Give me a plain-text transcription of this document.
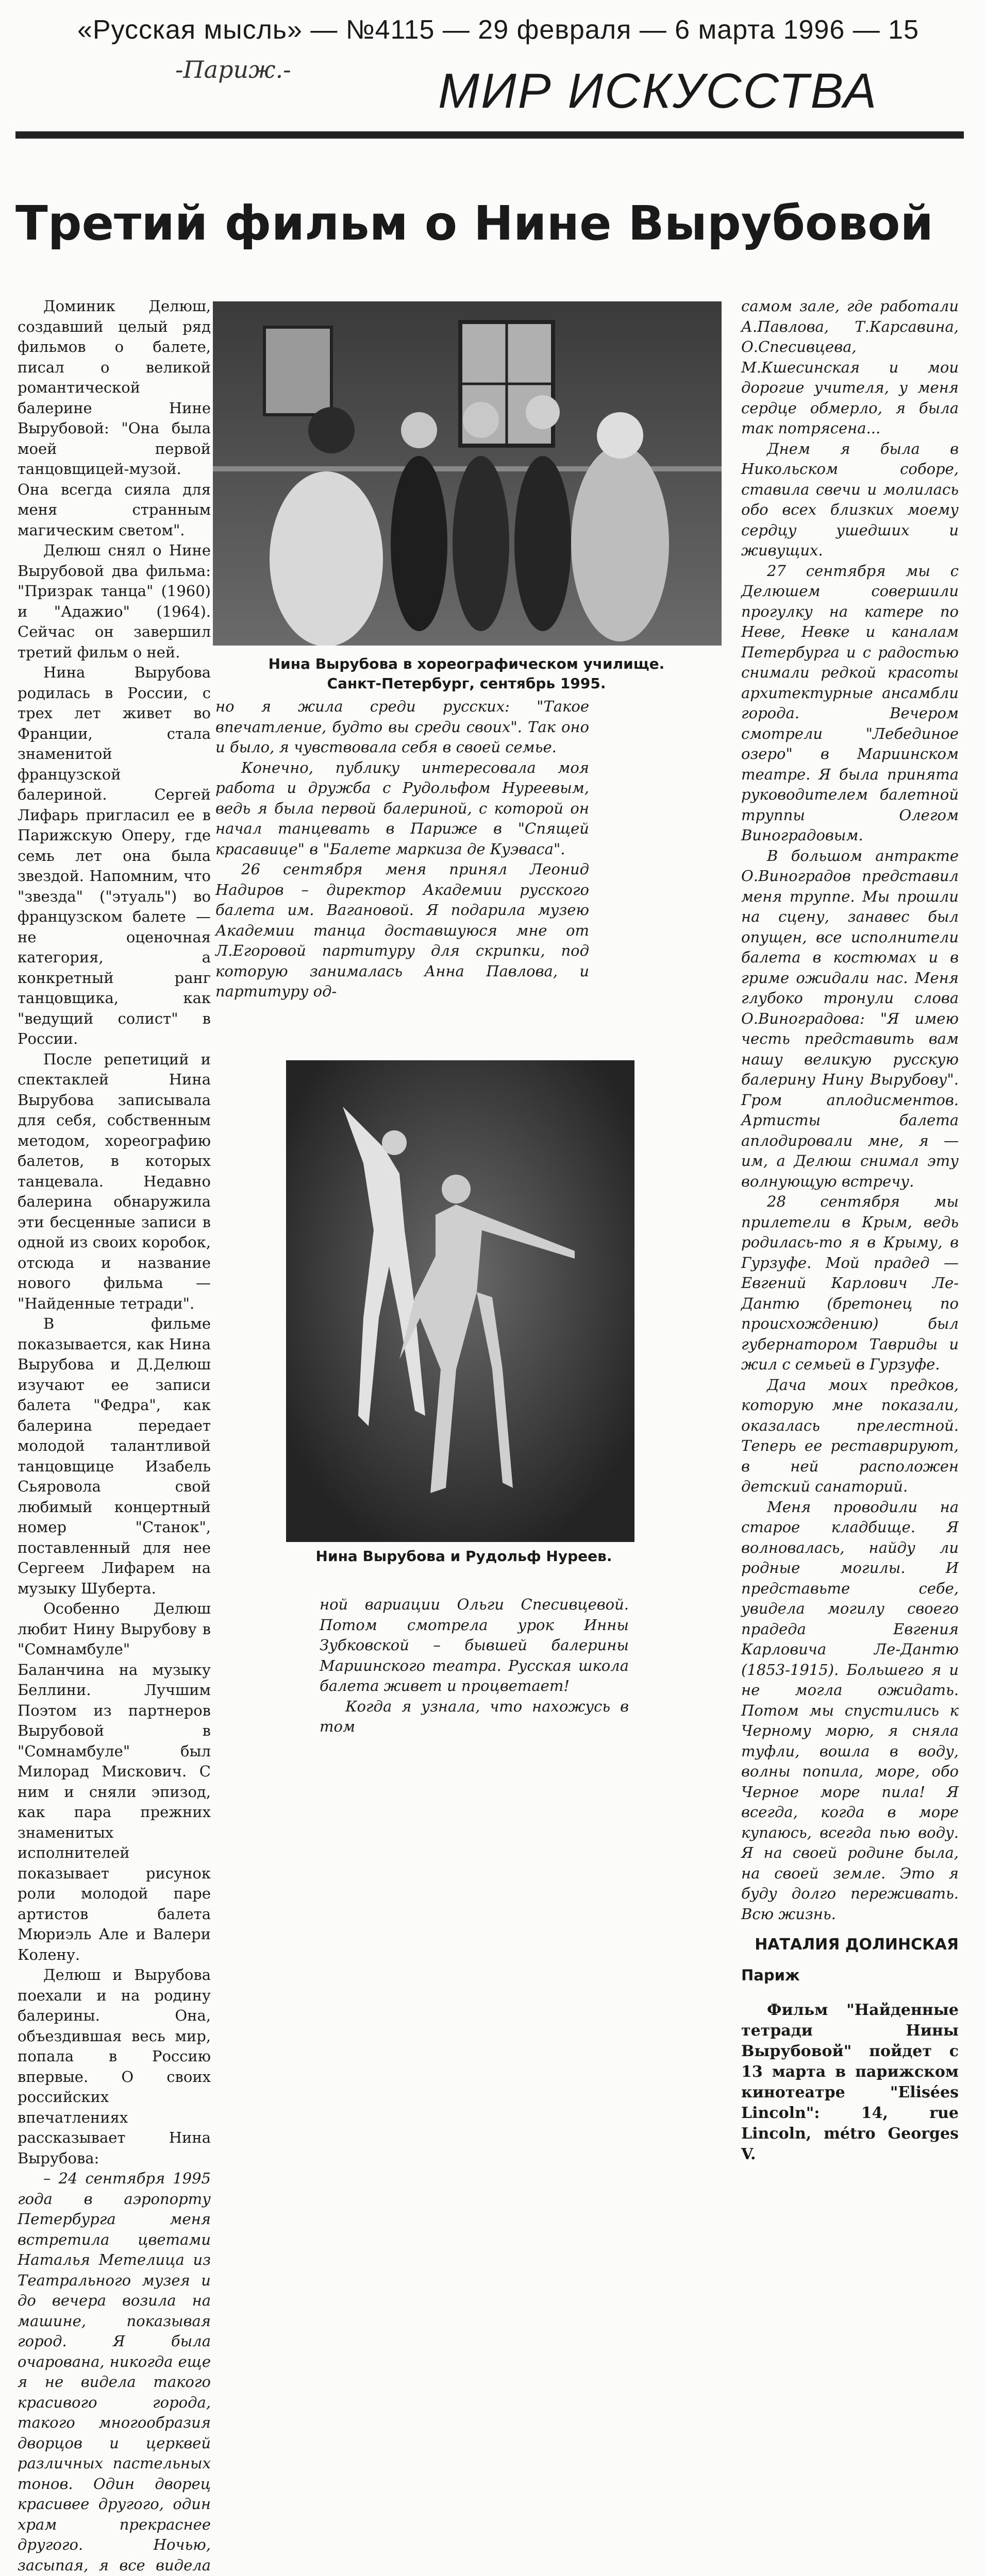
«Русская мысль» — №4115 — 29 февраля — 6 марта 1996 — 15
-Париж.-	МИР ИСКУССТВА
Третий фильм о Нине Вырубовой

Доминик Делюш, создавший целый ряд фильмов о балете, писал о великой романтической балерине Нине Вырубовой: "Она была моей первой танцовщицей-музой. Она всегда сияла для меня странным магическим светом".

Делюш снял о Нине Вырубовой два фильма: "Призрак танца" (1960) и "Адажио" (1964). Сейчас он завершил третий фильм о ней.

Нина Вырубова родилась в России, с трех лет живет во Франции, стала знаменитой французской балериной. Сергей Лифарь пригласил ее в Парижскую Оперу, где семь лет она была звездой. Напомним, что "звезда" ("этуаль") во французском балете — не оценочная категория, а конкретный ранг танцовщика, как "ведущий солист" в России.

После репетиций и спектаклей Нина Вырубова записывала для себя, собственным методом, хореографию балетов, в которых танцевала. Недавно балерина обнаружила эти бесценные записи в одной из своих коробок, отсюда и название нового фильма — "Найденные тетради".

В фильме показывается, как Нина Вырубова и Д.Делюш изучают ее записи балета "Федра", как балерина передает молодой талантливой танцовщице Изабель Сьяровола свой любимый концертный номер "Станок", поставленный для нее Сергеем Лифарем на музыку Шуберта.

Особенно Делюш любит Нину Вырубову в "Сомнамбуле" Баланчина на музыку Беллини. Лучшим Поэтом из партнеров Вырубовой в "Сомнамбуле" был Милорад Мискович. С ним и сняли эпизод, как пара прежних знаменитых исполнителей показывает рисунок роли молодой паре артистов балета Мюриэль Але и Валери Колену.

Делюш и Вырубова поехали и на родину балерины. Она, объездившая весь мир, попала в Россию впервые. О своих российских впечатлениях рассказывает Нина Вырубова:

– 24 сентября 1995 года в аэропорту Петербурга меня встретила цветами Наталья Метелица из Театрального музея и до вечера возила на машине, показывая город. Я была очарована, никогда еще я не видела такого красивого города, такого многообразия дворцов и церквей различных пастельных тонов. Один дворец красивее другого, один храм прекраснее другого. Ночью, засыпая, я все видела

Нина Вырубова в хореографическом училище. Санкт-Петербург, сентябрь 1995.

но я жила среди русских: "Такое впечатление, будто вы среди своих". Так оно и было, я чувствовала себя в своей семье.

Конечно, публику интересовала моя работа и дружба с Рудольфом Нуреевым, ведь я была первой балериной, с которой он начал танцевать в Париже в "Спящей красавице" в "Балете маркиза де Куэваса".

26 сентября меня принял Леонид Надиров – директор Академии русского балета им. Вагановой. Я подарила музею Академии танца доставшуюся мне от Л.Егоровой партитуру для скрипки, под которую занималась Анна Павлова, и партитуру од-

Нина Вырубова и Рудольф Нуреев.

ной вариации Ольги Спесивцевой. Потом смотрела урок Инны Зубковской – бывшей балерины Мариинского театра. Русская школа балета живет и процветает!

Когда я узнала, что нахожусь в том

самом зале, где работали А.Павлова, Т.Карсавина, О.Спесивцева, М.Кшесинская и мои дорогие учителя, у меня сердце обмерло, я была так потрясена...

Днем я была в Никольском соборе, ставила свечи и молилась обо всех близких моему сердцу ушедших и живущих.

27 сентября мы с Делюшем совершили прогулку на катере по Неве, Невке и каналам Петербурга и с радостью снимали редкой красоты архитектурные ансамбли города. Вечером смотрели "Лебединое озеро" в Мариинском театре. Я была принята руководителем балетной труппы Олегом Виноградовым.

В большом антракте О.Виноградов представил меня труппе. Мы прошли на сцену, занавес был опущен, все исполнители балета в костюмах и в гриме ожидали нас. Меня глубоко тронули слова О.Виноградова: "Я имею честь представить вам нашу великую русскую балерину Нину Вырубову". Гром аплодисментов. Артисты балета аплодировали мне, я — им, а Делюш снимал эту волнующую встречу.

28 сентября мы прилетели в Крым, ведь родилась-то я в Крыму, в Гурзуфе. Мой прадед — Евгений Карлович Ле-Дантю (бретонец по происхождению) был губернатором Тавриды и жил с семьей в Гурзуфе.

Дача моих предков, которую мне показали, оказалась прелестной. Теперь ее реставрируют, в ней расположен детский санаторий.

Меня проводили на старое кладбище. Я волновалась, найду ли родные могилы. И представьте себе, увидела могилу своего прадеда Евгения Карловича Ле-Дантю (1853-1915). Большего я и не могла ожидать. Потом мы спустились к Черному морю, я сняла туфли, вошла в воду, волны попила, море, обо Черное море пила! Я всегда, когда в море купаюсь, всегда пью воду. Я на своей родине была, на своей земле. Это я буду долго переживать. Всю жизнь.

НАТАЛИЯ ДОЛИНСКАЯ
Париж
Фильм "Найденные тетради Нины Вырубовой" пойдет с 13 марта в парижском кинотеатре "Elisées Lincoln": 14, rue Lincoln, métro Georges V.
